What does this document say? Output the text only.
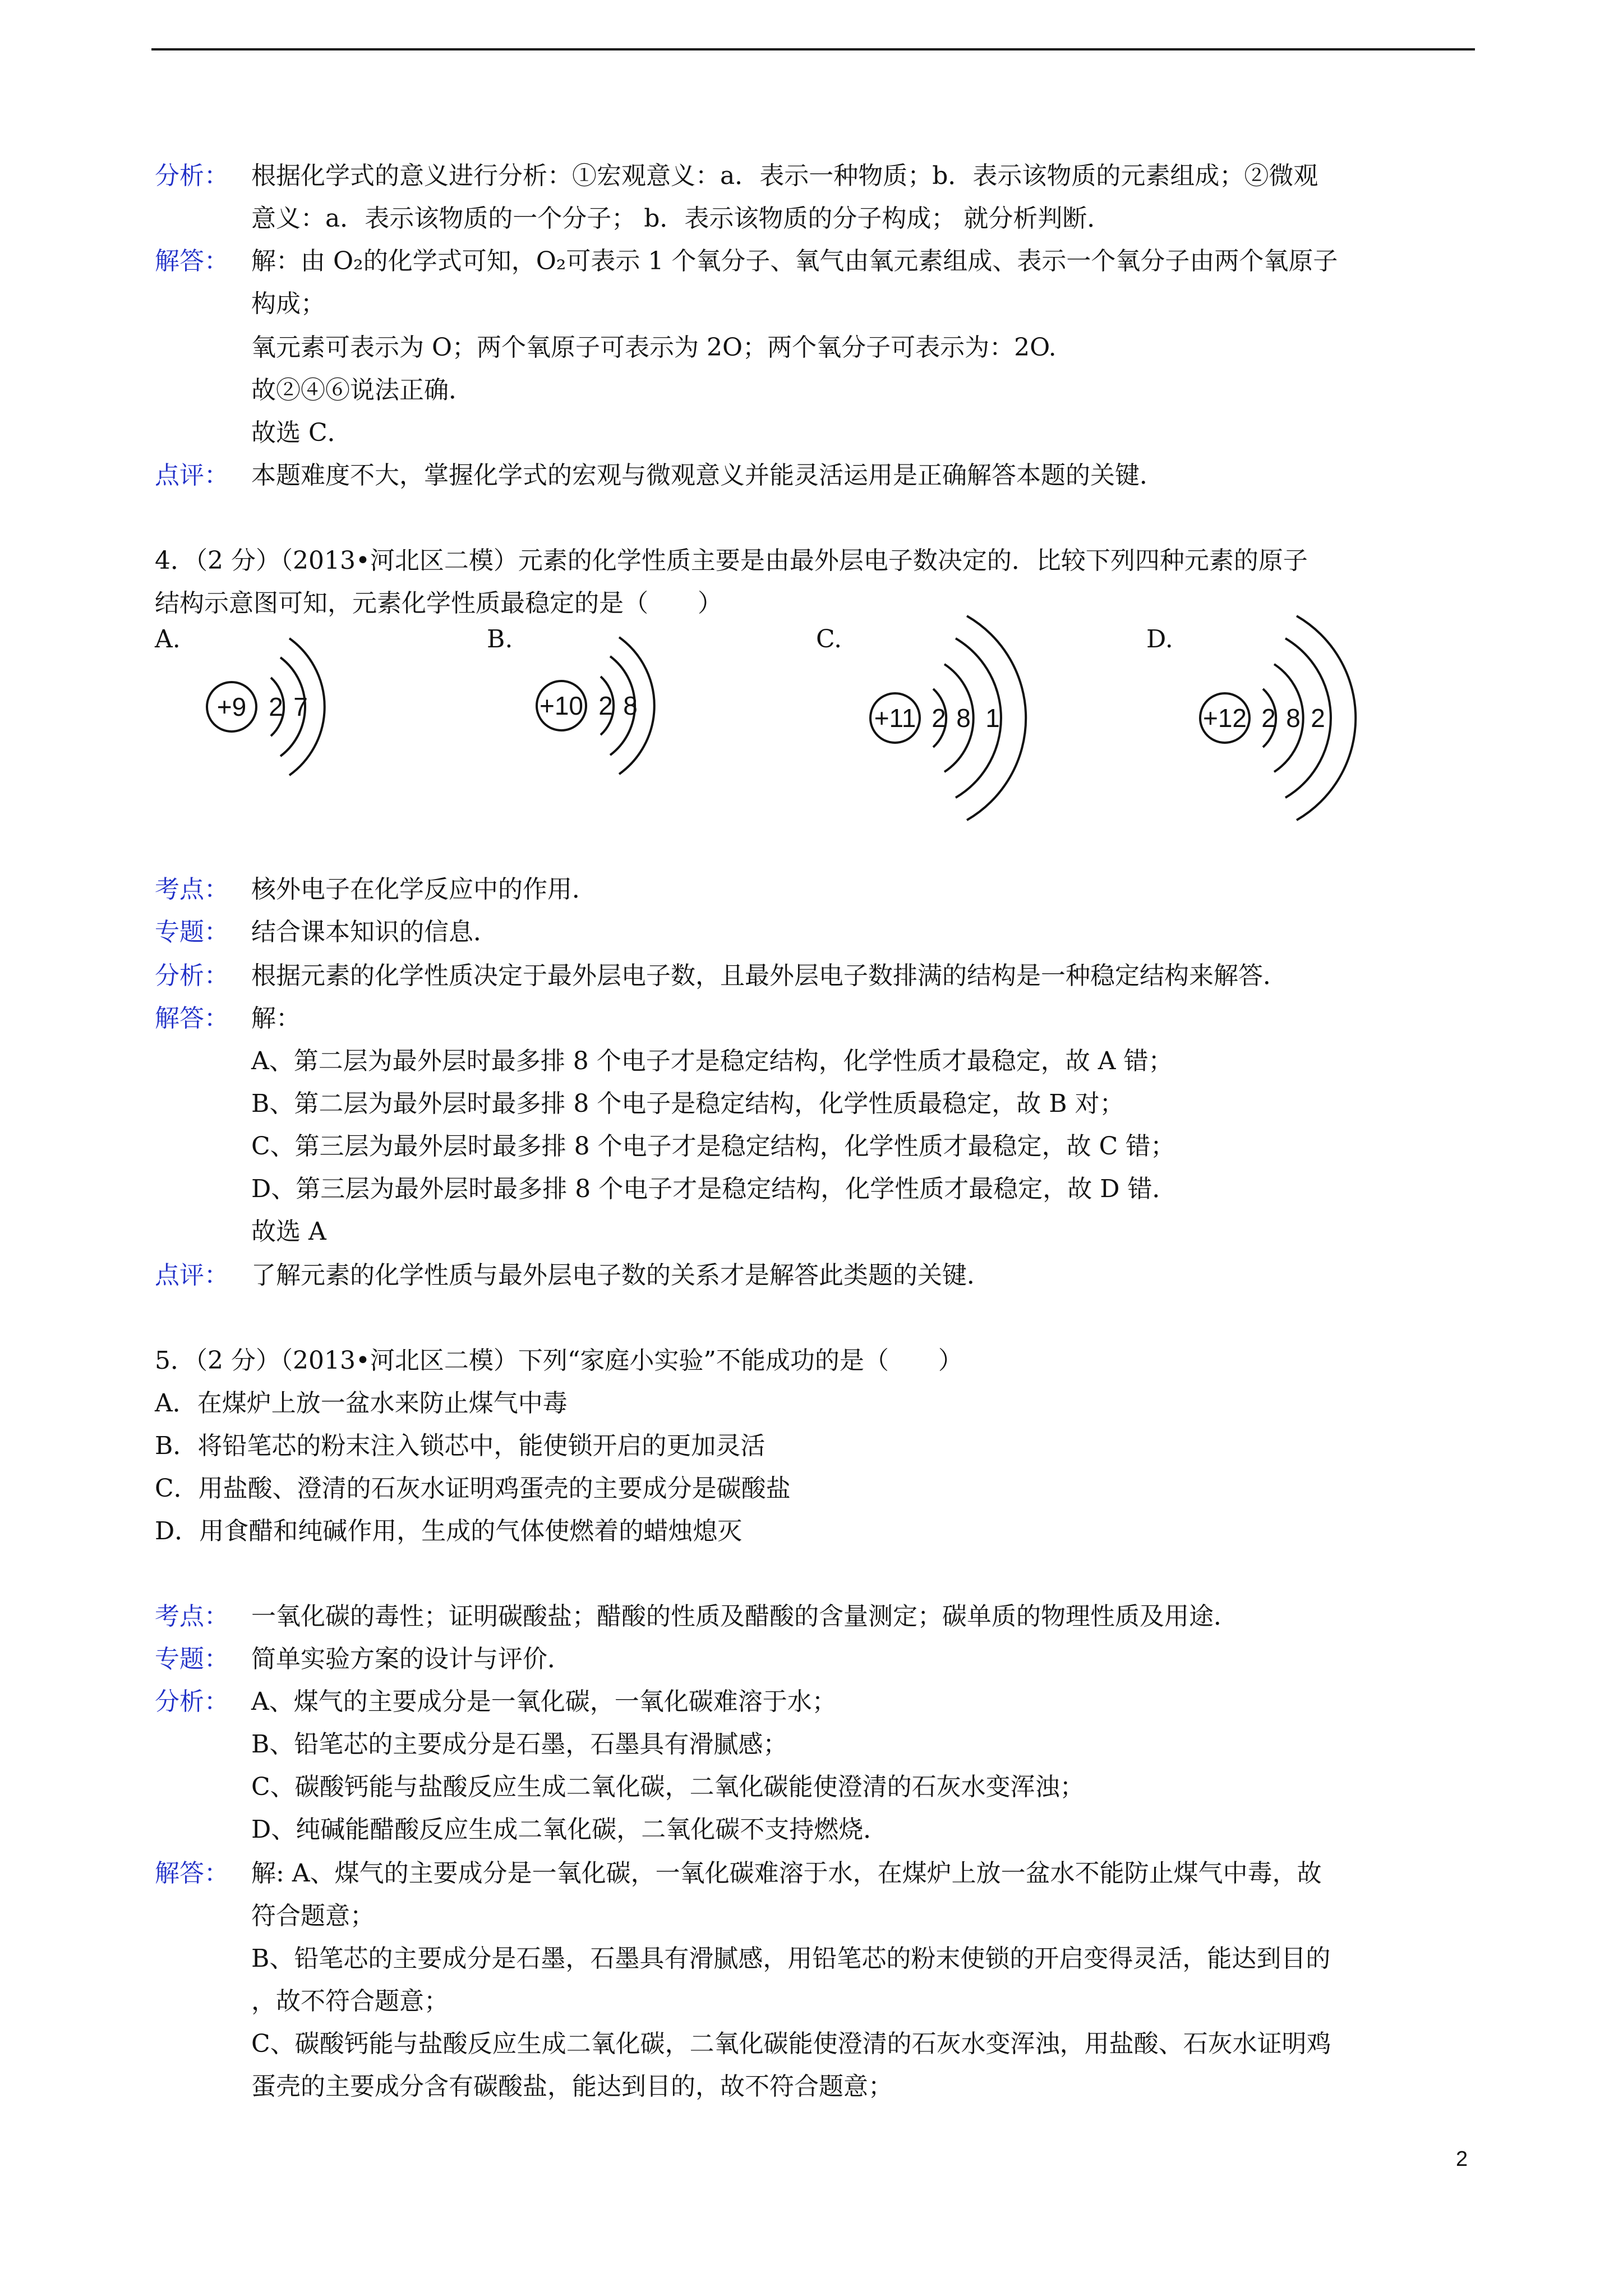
分析： 根据化学式的意义进行分析：①宏观意义：a．表示一种物质；b．表示该物质的元素组成；②微观
意义：a．表示该物质的一个分子； b．表示该物质的分子构成； 就分析判断．
解答： 解：由 O₂的化学式可知，O₂可表示 1 个氧分子、氧气由氧元素组成、表示一个氧分子由两个氧原子
构成；
氧元素可表示为 O；两个氧原子可表示为 2O；两个氧分子可表示为：2O.
故②④⑥说法正确．
故选 C．
点评： 本题难度不大，掌握化学式的宏观与微观意义并能灵活运用是正确解答本题的关键．
4．（2 分）（2013•河北区二模）元素的化学性质主要是由最外层电子数决定的．比较下列四种元素的原子
结构示意图可知，元素化学性质最稳定的是（　　）
A.	B.	C.	D.
+9 2 7	+10 2 8	+11 2 8 1	+12 2 8 2
考点： 核外电子在化学反应中的作用．
专题： 结合课本知识的信息．
分析： 根据元素的化学性质决定于最外层电子数，且最外层电子数排满的结构是一种稳定结构来解答．
解答： 解：
A、第二层为最外层时最多排 8 个电子才是稳定结构，化学性质才最稳定，故 A 错；
B、第二层为最外层时最多排 8 个电子是稳定结构，化学性质最稳定，故 B 对；
C、第三层为最外层时最多排 8 个电子才是稳定结构，化学性质才最稳定，故 C 错；
D、第三层为最外层时最多排 8 个电子才是稳定结构，化学性质才最稳定，故 D 错．
故选 A
点评： 了解元素的化学性质与最外层电子数的关系才是解答此类题的关键．
5．（2 分）（2013•河北区二模）下列“家庭小实验”不能成功的是（　　）
A．在煤炉上放一盆水来防止煤气中毒
B．将铅笔芯的粉末注入锁芯中，能使锁开启的更加灵活
C．用盐酸、澄清的石灰水证明鸡蛋壳的主要成分是碳酸盐
D．用食醋和纯碱作用，生成的气体使燃着的蜡烛熄灭
考点： 一氧化碳的毒性；证明碳酸盐；醋酸的性质及醋酸的含量测定；碳单质的物理性质及用途．
专题： 简单实验方案的设计与评价．
分析： A、煤气的主要成分是一氧化碳，一氧化碳难溶于水；
B、铅笔芯的主要成分是石墨，石墨具有滑腻感；
C、碳酸钙能与盐酸反应生成二氧化碳，二氧化碳能使澄清的石灰水变浑浊；
D、纯碱能醋酸反应生成二氧化碳，二氧化碳不支持燃烧．
解答： 解: A、煤气的主要成分是一氧化碳，一氧化碳难溶于水，在煤炉上放一盆水不能防止煤气中毒，故
符合题意；
B、铅笔芯的主要成分是石墨，石墨具有滑腻感，用铅笔芯的粉末使锁的开启变得灵活，能达到目的
，故不符合题意；
C、碳酸钙能与盐酸反应生成二氧化碳，二氧化碳能使澄清的石灰水变浑浊，用盐酸、石灰水证明鸡
蛋壳的主要成分含有碳酸盐，能达到目的，故不符合题意；
2
